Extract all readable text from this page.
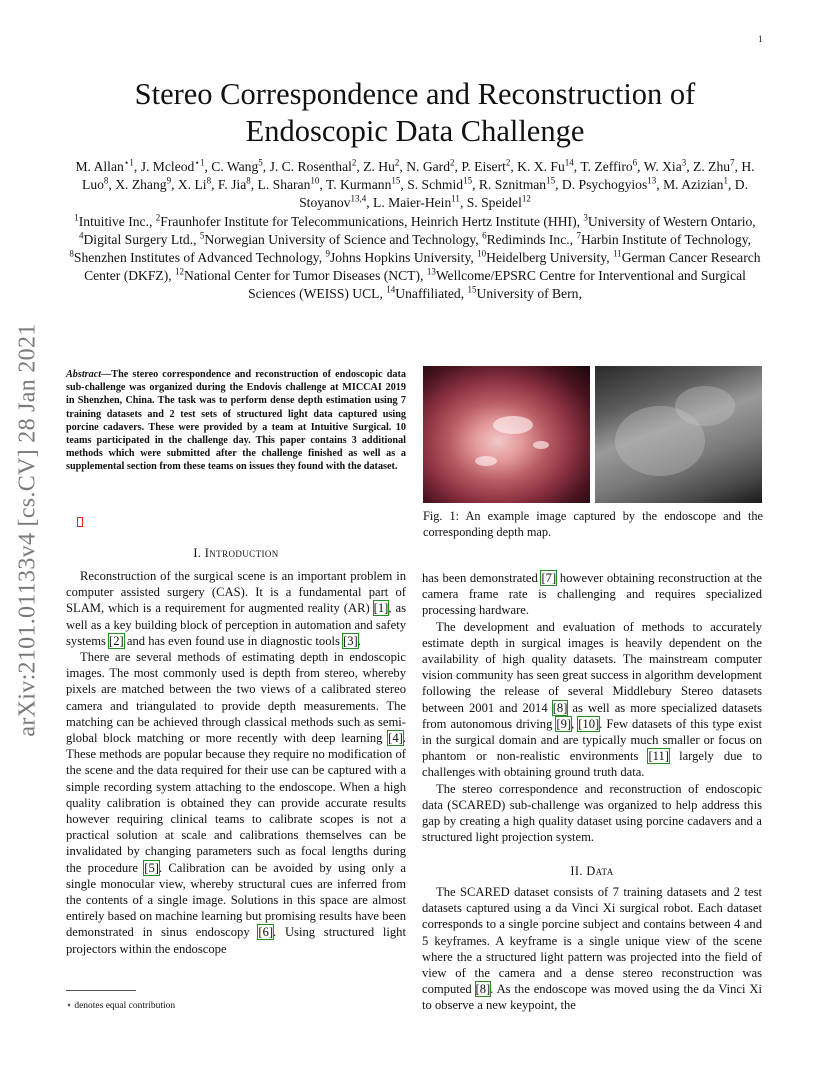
1
arXiv:2101.01133v4 [cs.CV] 28 Jan 2021
Stereo Correspondence and Reconstruction of
Endoscopic Data Challenge
M. Allan$^{⋆1}$, J. Mcleod$^{⋆1}$, C. Wang$^5$, J. C. Rosenthal$^2$, Z. Hu$^2$, N. Gard$^2$, P. Eisert$^2$, K. X. Fu$^{14}$, T. Zeffiro$^6$, W. Xia$^3$, Z. Zhu$^7$, H. Luo$^8$, X. Zhang$^9$, X. Li$^8$, F. Jia$^8$, L. Sharan$^{10}$, T. Kurmann$^{15}$, S. Schmid$^{15}$, R. Sznitman$^{15}$, D. Psychogyios$^{13}$, M. Azizian$^1$, D. Stoyanov$^{13,4}$, L. Maier-Hein$^{11}$, S. Speidel$^{12}$
$^1$Intuitive Inc., $^2$Fraunhofer Institute for Telecommunications, Heinrich Hertz Institute (HHI), $^3$University of Western Ontario, $^4$Digital Surgery Ltd., $^5$Norwegian University of Science and Technology, $^6$Rediminds Inc., $^7$Harbin Institute of Technology, $^8$Shenzhen Institutes of Advanced Technology, $^9$Johns Hopkins University, $^{10}$Heidelberg University, $^{11}$German Cancer Research Center (DKFZ), $^{12}$National Center for Tumor Diseases (NCT), $^{13}$Wellcome/EPSRC Centre for Interventional and Surgical Sciences (WEISS) UCL, $^{14}$Unaffiliated, $^{15}$University of Bern,
Abstract—The stereo correspondence and reconstruction of endoscopic data sub-challenge was organized during the Endovis challenge at MICCAI 2019 in Shenzhen, China. The task was to perform dense depth estimation using 7 training datasets and 2 test sets of structured light data captured using porcine cadavers. These were provided by a team at Intuitive Surgical. 10 teams participated in the challenge day. This paper contains 3 additional methods which were submitted after the challenge finished as well as a supplemental section from these teams on issues they found with the dataset.
Fig. 1: An example image captured by the endoscope and the corresponding depth map.
I. Introduction

Reconstruction of the surgical scene is an important problem in computer assisted surgery (CAS). It is a fundamental part of SLAM, which is a requirement for augmented reality (AR) [1], as well as a key building block of perception in automation and safety systems [2] and has even found use in diagnostic tools [3].

There are several methods of estimating depth in endoscopic images. The most commonly used is depth from stereo, whereby pixels are matched between the two views of a calibrated stereo camera and triangulated to provide depth measurements. The matching can be achieved through classical methods such as semi-global block matching or more recently with deep learning [4]. These methods are popular because they require no modification of the scene and the data required for their use can be captured with a simple recording system attaching to the endoscope. When a high quality calibration is obtained they can provide accurate results however requiring clinical teams to calibrate scopes is not a practical solution at scale and calibrations themselves can be invalidated by changing parameters such as focal lengths during the procedure [5]. Calibration can be avoided by using only a single monocular view, whereby structural cues are inferred from the contents of a single image. Solutions in this space are almost entirely based on machine learning but promising results have been demonstrated in sinus endoscopy [6]. Using structured light projectors within the endoscope

⋆ denotes equal contribution

has been demonstrated [7] however obtaining reconstruction at the camera frame rate is challenging and requires specialized processing hardware.

The development and evaluation of methods to accurately estimate depth in surgical images is heavily dependent on the availability of high quality datasets. The mainstream computer vision community has seen great success in algorithm development following the release of several Middlebury Stereo datasets between 2001 and 2014 [8] as well as more specialized datasets from autonomous driving [9], [10]. Few datasets of this type exist in the surgical domain and are typically much smaller or focus on phantom or non-realistic environments [11] largely due to challenges with obtaining ground truth data.

The stereo correspondence and reconstruction of endoscopic data (SCARED) sub-challenge was organized to help address this gap by creating a high quality dataset using porcine cadavers and a structured light projection system.

II. Data

The SCARED dataset consists of 7 training datasets and 2 test datasets captured using a da Vinci Xi surgical robot. Each dataset corresponds to a single porcine subject and contains between 4 and 5 keyframes. A keyframe is a single unique view of the scene where the a structured light pattern was projected into the field of view of the camera and a dense stereo reconstruction was computed [8]. As the endoscope was moved using the da Vinci Xi to observe a new keypoint, the
